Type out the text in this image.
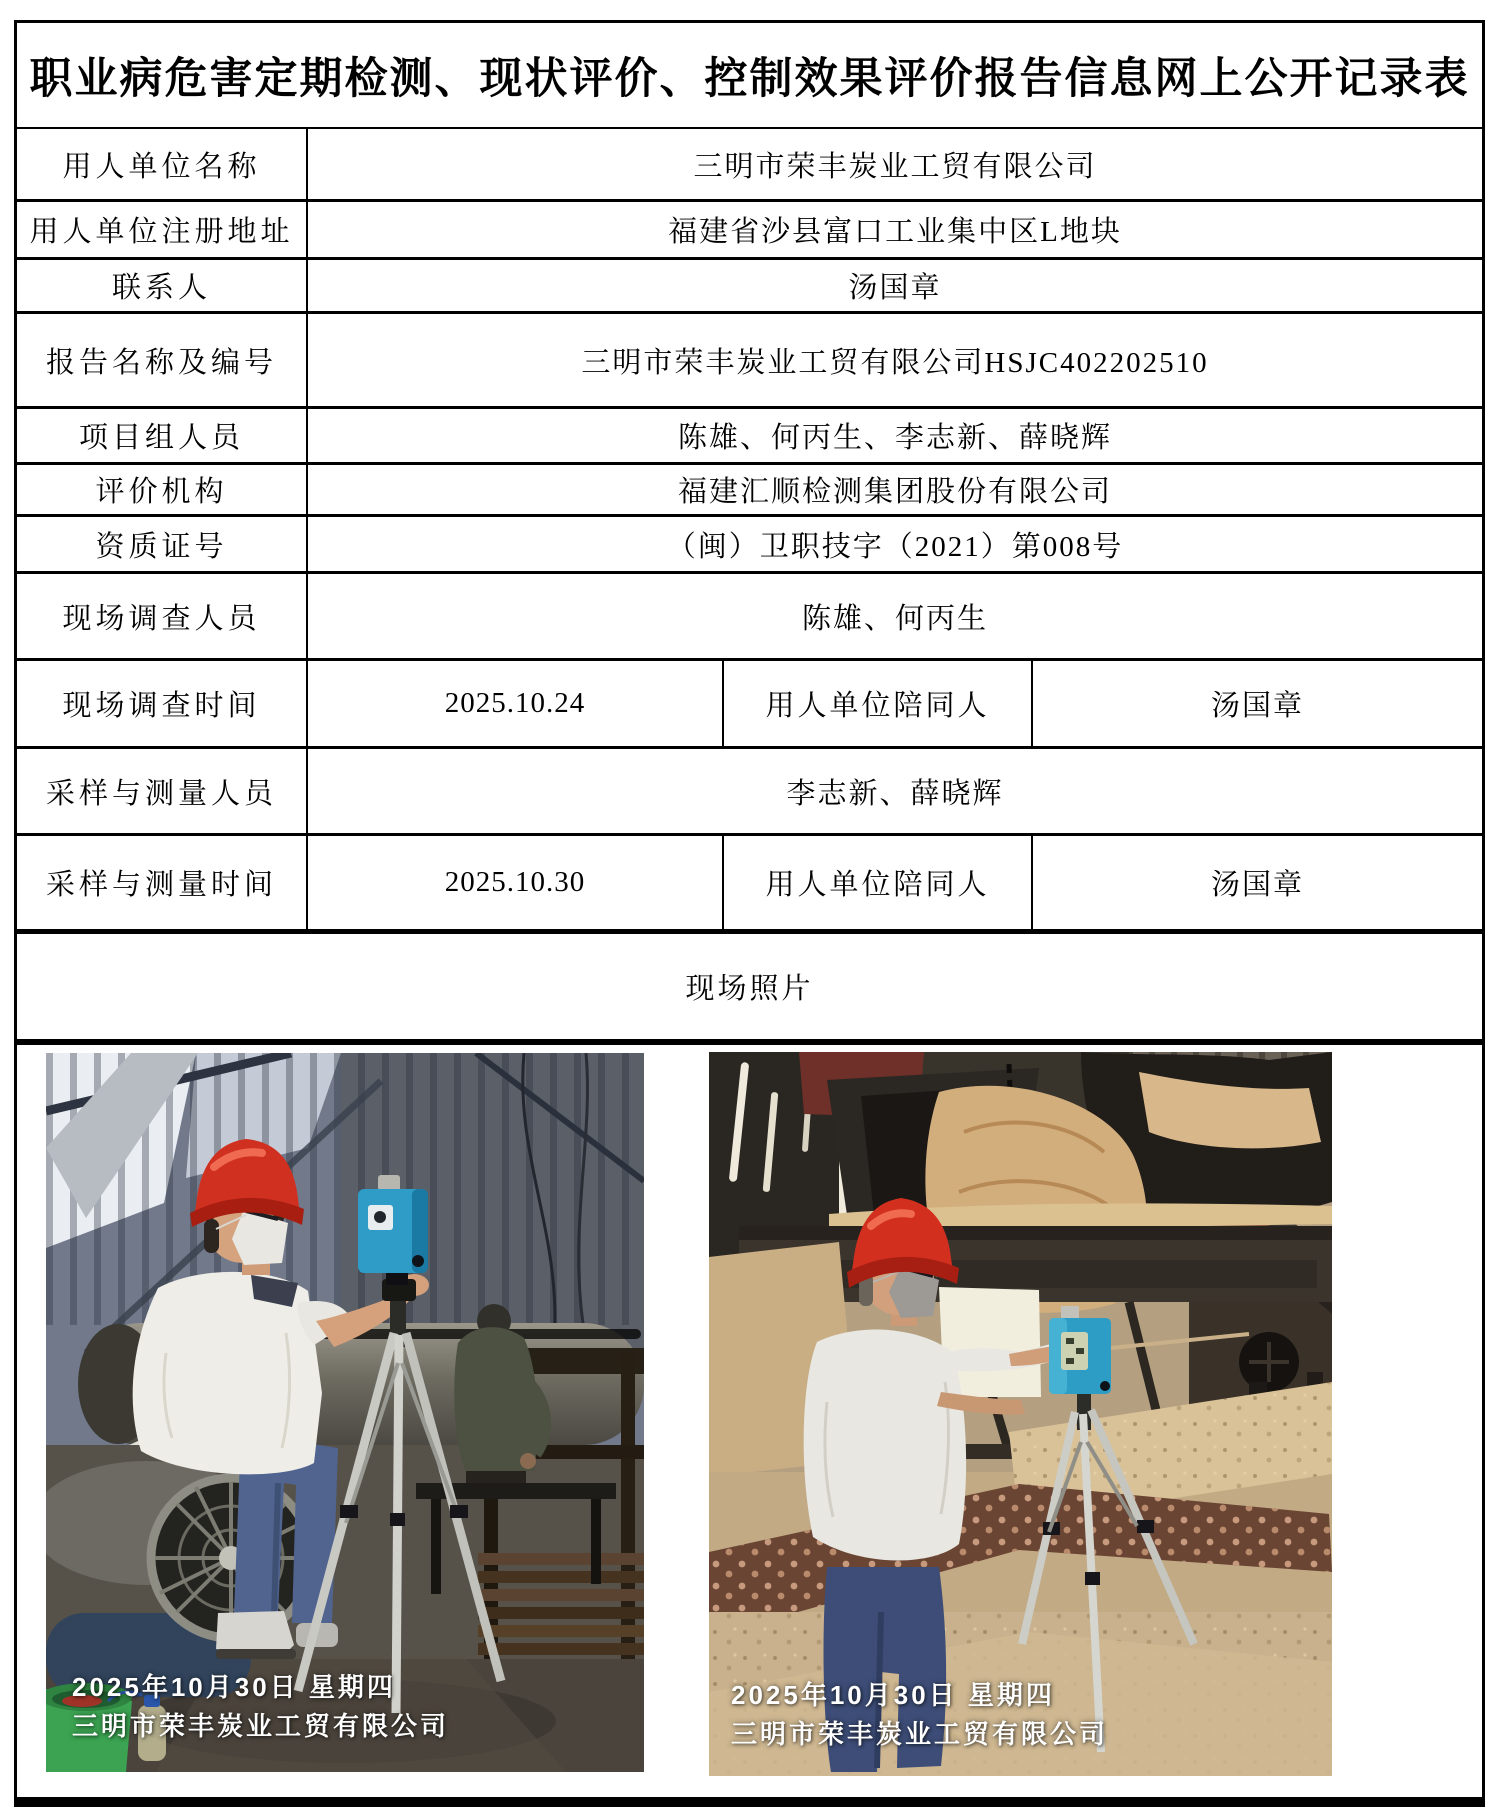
职业病危害定期检测、现状评价、控制效果评价报告信息网上公开记录表
用人单位名称	三明市荣丰炭业工贸有限公司
用人单位注册地址	福建省沙县富口工业集中区L地块
联系人	汤国章
报告名称及编号	三明市荣丰炭业工贸有限公司HSJC402202510
项目组人员	陈雄、何丙生、李志新、薛晓辉
评价机构	福建汇顺检测集团股份有限公司
资质证号	（闽）卫职技字（2021）第008号
现场调查人员	陈雄、何丙生
现场调查时间	2025.10.24	用人单位陪同人	汤国章
采样与测量人员	李志新、薛晓辉
采样与测量时间	2025.10.30	用人单位陪同人	汤国章
现场照片
2025年10月30日 星期四
三明市荣丰炭业工贸有限公司
2025年10月30日 星期四
三明市荣丰炭业工贸有限公司
